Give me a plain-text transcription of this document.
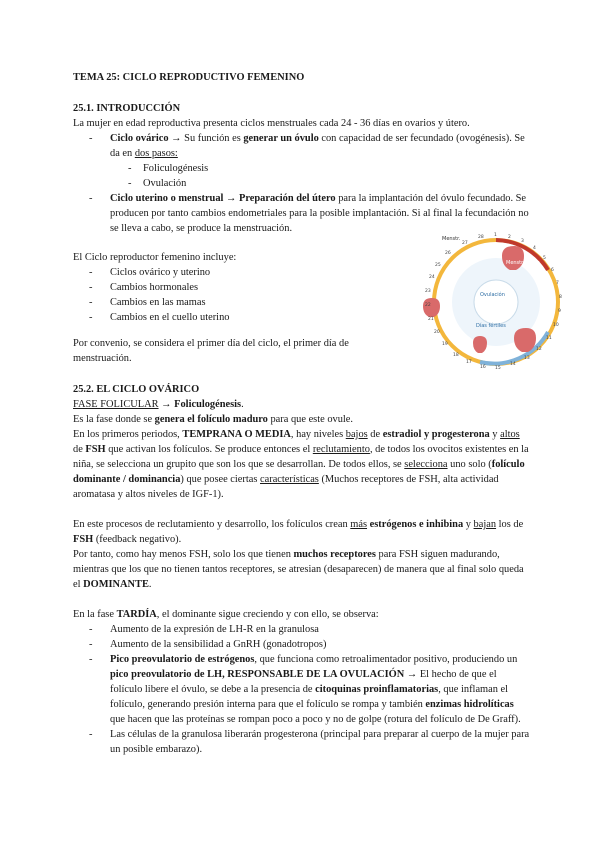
TEMA 25: CICLO REPRODUCTIVO FEMENINO
25.1. INTRODUCCIÓN

La mujer en edad reproductiva presenta ciclos menstruales cada 24 - 36 días en ovarios y útero.

- Ciclo ovárico → Su función es generar un óvulo con capacidad de ser fecundado (ovogénesis). Se da en dos pasos:
- Foliculogénesis
- Ovulación
- Ciclo uterino o menstrual → Preparación del útero para la implantación del óvulo fecundado. Se producen por tanto cambios endometriales para la posible implantación. Si al final la fecundación no se lleva a cabo, se produce la menstruación.

El Ciclo reproductor femenino incluye:

- Ciclos ovárico y uterino
- Cambios hormonales
- Cambios en las mamas
- Cambios en el cuello uterino
Por convenio, se considera el primer día del ciclo, el primer día de menstruación.
Ovulación
Menstruación
Días fértiles
Menstr.
1 2
3
4
5
6
7
8
9
10
11
12
13
14
15
16
17
18
19
20
21
22
23
24
25
26
27
28
25.2. EL CICLO OVÁRICO

FASE FOLICULAR → Foliculogénesis.

Es la fase donde se genera el folículo maduro para que este ovule.

En los primeros periodos, TEMPRANA O MEDIA, hay niveles bajos de estradiol y progesterona y altos de FSH que activan los folículos. Se produce entonces el reclutamiento, de todos los ovocitos existentes en la niña, se selecciona un grupito que son los que se desarrollan. De todos ellos, se selecciona uno solo (folículo dominante / dominancia) que posee ciertas características (Muchos receptores de FSH, alta actividad aromatasa y altos niveles de IGF-1).

En este procesos de reclutamiento y desarrollo, los folículos crean más estrógenos e inhibina y bajan los de FSH (feedback negativo).

Por tanto, como hay menos FSH, solo los que tienen muchos receptores para FSH siguen madurando, mientras que los que no tienen tantos receptores, se atresian (desaparecen) de manera que al final solo queda el DOMINANTE.

En la fase TARDÍA, el dominante sigue creciendo y con ello, se observa:

- Aumento de la expresión de LH-R en la granulosa
- Aumento de la sensibilidad a GnRH (gonadotropos)
- Pico preovulatorio de estrógenos, que funciona como retroalimentador positivo, produciendo un pico preovulatorio de LH, RESPONSABLE DE LA OVULACIÓN → El hecho de que el folículo libere el óvulo, se debe a la presencia de citoquinas proinflamatorias, que inflaman el folículo, generando presión interna para que el folículo se rompa y también enzimas hidrolíticas que hacen que las proteínas se rompan poco a poco y no de golpe (rotura del folículo de De Graff).
- Las células de la granulosa liberarán progesterona (principal para preparar al cuerpo de la mujer para un posible embarazo).
